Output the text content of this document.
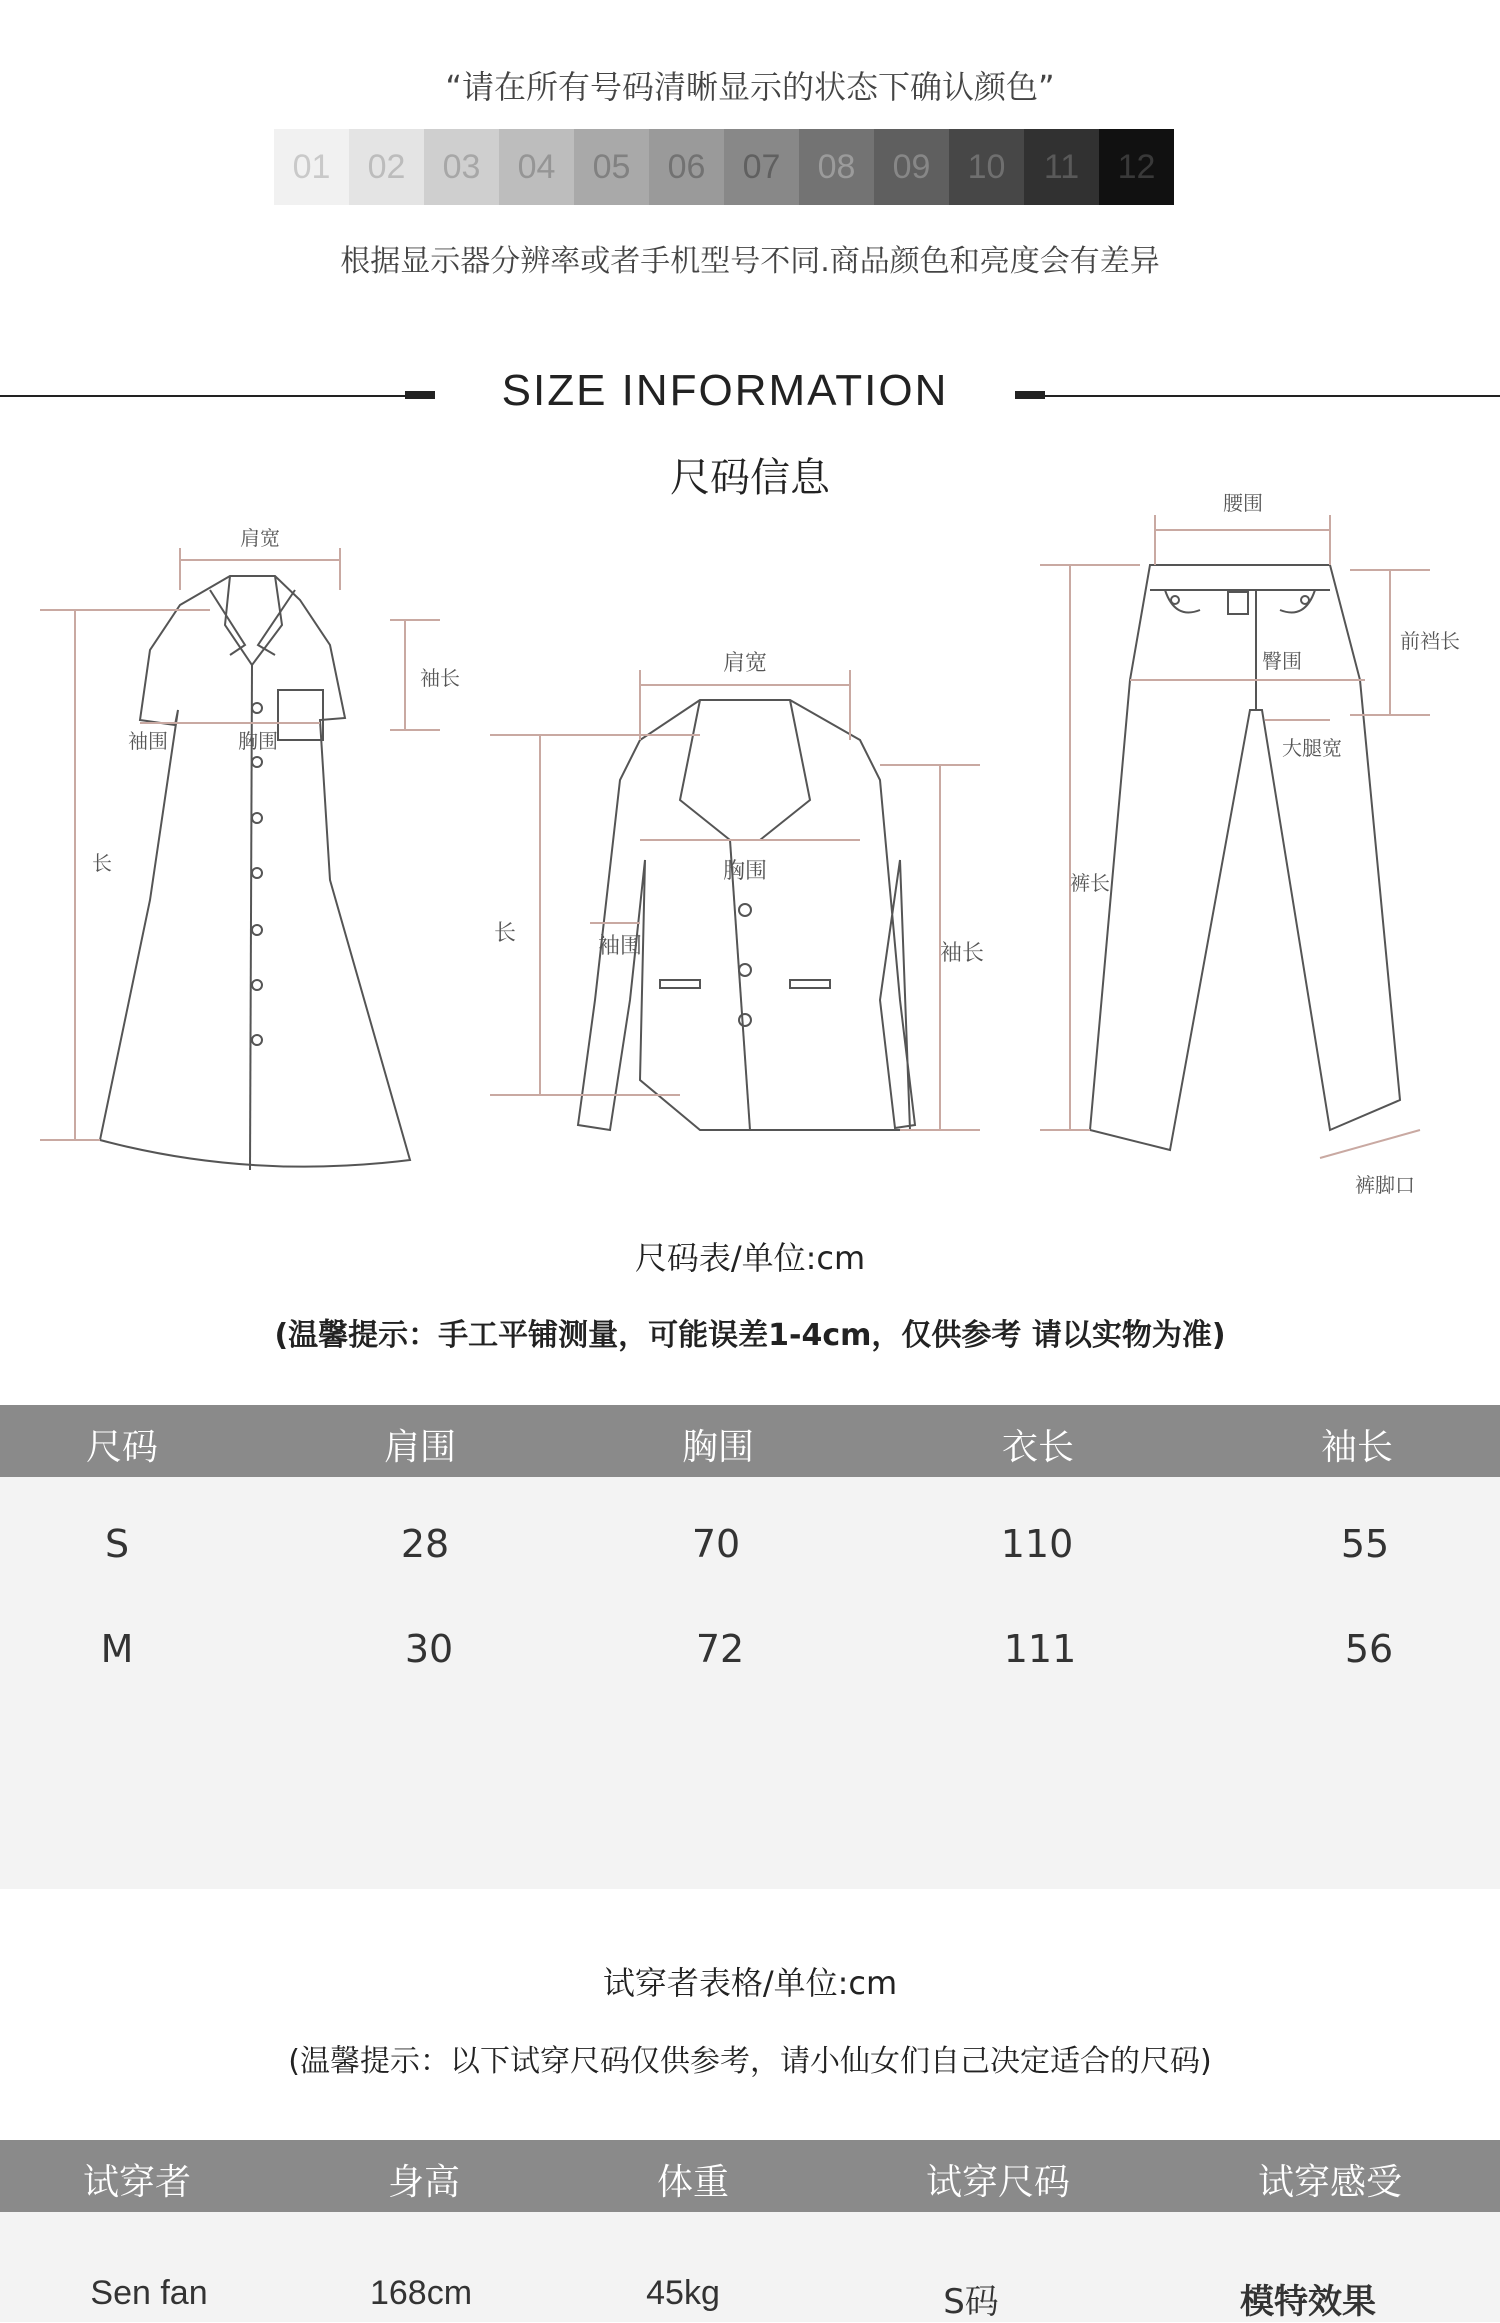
“请在所有号码清晰显示的状态下确认颜色”
01	02	03	04	05	06	07	08	09	10	11	12
根据显示器分辨率或者手机型号不同.商品颜色和亮度会有差异
SIZE INFORMATION
尺码信息
肩宽
袖长
袖围	胸围
长
肩宽
胸围
袖围
长
袖长
腰围
前裆长
臀围
大腿宽
裤长
裤脚口
尺码表/单位:cm
(温馨提示：手工平铺测量，可能误差1-4cm，仅供参考 请以实物为准)
尺码	肩围	胸围	衣长	袖长
S	28	70	110	55
M	30	72	111	56
试穿者表格/单位:cm
(温馨提示：以下试穿尺码仅供参考，请小仙女们自己决定适合的尺码)
试穿者	身高	体重	试穿尺码	试穿感受
Sen fan	168cm	45kg	S码	模特效果
